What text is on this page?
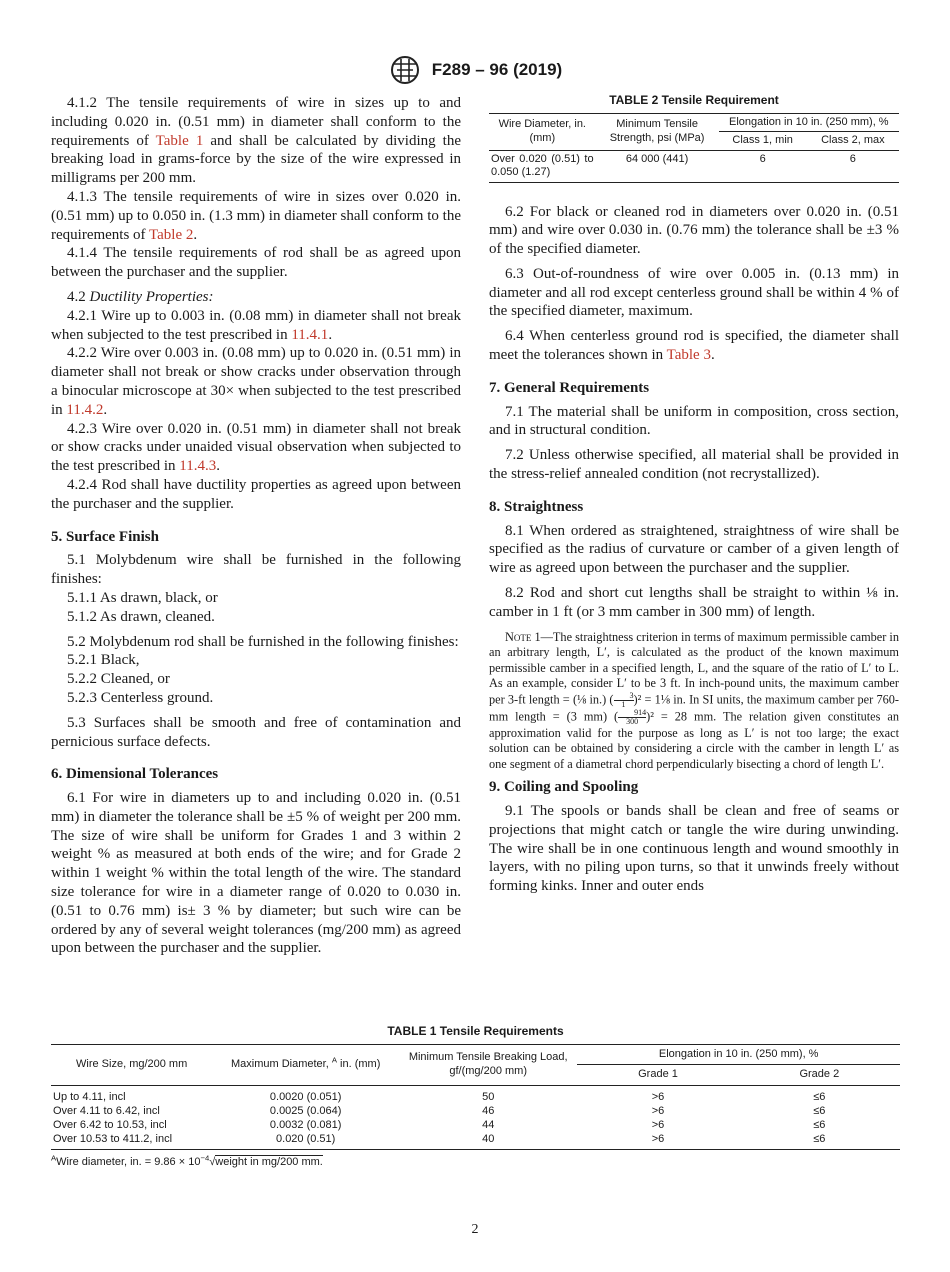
F289 – 96 (2019)

4.1.2 The tensile requirements of wire in sizes up to and including 0.020 in. (0.51 mm) in diameter shall conform to the requirements of Table 1 and shall be calculated by dividing the breaking load in grams-force by the size of the wire expressed in milligrams per 200 mm.

4.1.3 The tensile requirements of wire in sizes over 0.020 in. (0.51 mm) up to 0.050 in. (1.3 mm) in diameter shall conform to the requirements of Table 2.

4.1.4 The tensile requirements of rod shall be as agreed upon between the purchaser and the supplier.

4.2 Ductility Properties:

4.2.1 Wire up to 0.003 in. (0.08 mm) in diameter shall not break when subjected to the test prescribed in 11.4.1.

4.2.2 Wire over 0.003 in. (0.08 mm) up to 0.020 in. (0.51 mm) in diameter shall not break or show cracks under observation through a binocular microscope at 30× when subjected to the test prescribed in 11.4.2.

4.2.3 Wire over 0.020 in. (0.51 mm) in diameter shall not break or show cracks under unaided visual observation when subjected to the test prescribed in 11.4.3.

4.2.4 Rod shall have ductility properties as agreed upon between the purchaser and the supplier.

5. Surface Finish

5.1 Molybdenum wire shall be furnished in the following finishes:

5.1.1 As drawn, black, or

5.1.2 As drawn, cleaned.

5.2 Molybdenum rod shall be furnished in the following finishes:

5.2.1 Black,

5.2.2 Cleaned, or

5.2.3 Centerless ground.

5.3 Surfaces shall be smooth and free of contamination and pernicious surface defects.

6. Dimensional Tolerances

6.1 For wire in diameters up to and including 0.020 in. (0.51 mm) in diameter the tolerance shall be ±5 % of weight per 200 mm. The size of wire shall be uniform for Grades 1 and 3 within 2 weight % as measured at both ends of the wire; and for Grade 2 within 1 weight % within the total length of the wire. The standard size tolerance for wire in a diameter range of 0.020 to 0.030 in. (0.51 to 0.76 mm) is± 3 % by diameter; but such wire can be ordered by any of several weight tolerances (mg/200 mm) as agreed upon between the purchaser and the supplier.

TABLE 2 Tensile Requirement
Wire Diameter, in. (mm)	Minimum Tensile Strength, psi (MPa)	Elongation in 10 in. (250 mm), %	
		Class 1, min	Class 2, max
Over 0.020 (0.51) to 0.050 (1.27)	64 000 (441)	6	6

6.2 For black or cleaned rod in diameters over 0.020 in. (0.51 mm) and wire over 0.030 in. (0.76 mm) the tolerance shall be ±3 % of the specified diameter.

6.3 Out-of-roundness of wire over 0.005 in. (0.13 mm) in diameter and all rod except centerless ground shall be within 4 % of the specified diameter, maximum.

6.4 When centerless ground rod is specified, the diameter shall meet the tolerances shown in Table 3.

7. General Requirements

7.1 The material shall be uniform in composition, cross section, and in structural condition.

7.2 Unless otherwise specified, all material shall be provided in the stress-relief annealed condition (not recrystallized).

8. Straightness

8.1 When ordered as straightened, straightness of wire shall be specified as the radius of curvature or camber of a given length of wire as agreed upon between the purchaser and the supplier.

8.2 Rod and short cut lengths shall be straight to within ⅛ in. camber in 1 ft (or 3 mm camber in 300 mm) of length.

Note 1—The straightness criterion in terms of maximum permissible camber in an arbitrary length, L′, is calculated as the product of the known maximum permissible camber in a specified length, L, and the square of the ratio of L′ to L. As an example, consider L′ to be 3 ft. In inch-pound units, the maximum camber per 3-ft length = (⅛ in.) ( $\frac{3}{1})^2$ = 1⅛ in. In SI units, the maximum camber per 760-mm length = (3 mm) ( $\frac{914}{300})^2 = 28$ mm. The relation given constitutes an approximation valid for the purpose as long as L′ is not too large; the exact solution can be obtained by considering a circle with the camber in length L′ as one segment of a diametral chord perpendicularly bisecting a chord of length L′.

9. Coiling and Spooling

9.1 The spools or bands shall be clean and free of seams or projections that might catch or tangle the wire during unwinding. The wire shall be in one continuous length and wound smoothly in layers, with no piling upon turns, so that it unwinds freely without forming kinks. Inner and outer ends

TABLE 1 Tensile Requirements
Wire Size, mg/200 mm	Maximum Diameter, $^A$ in. (mm)	Minimum Tensile Breaking Load, gf/(mg/200 mm)	Elongation in 10 in. (250 mm), %	
			Grade 1	Grade 2
Up to 4.11, incl	0.0020 (0.051)	50	>6	≤6
Over 4.11 to 6.42, incl	0.0025 (0.064)	46	>6	≤6
Over 6.42 to 10.53, incl	0.0032 (0.081)	44	>6	≤6
Over 10.53 to 411.2, incl	0.020 (0.51)	40	>6	≤6
$^A$Wire diameter, in. = $9.86 \times 10^{-4}√weight$ in mg/200 mm.
2
